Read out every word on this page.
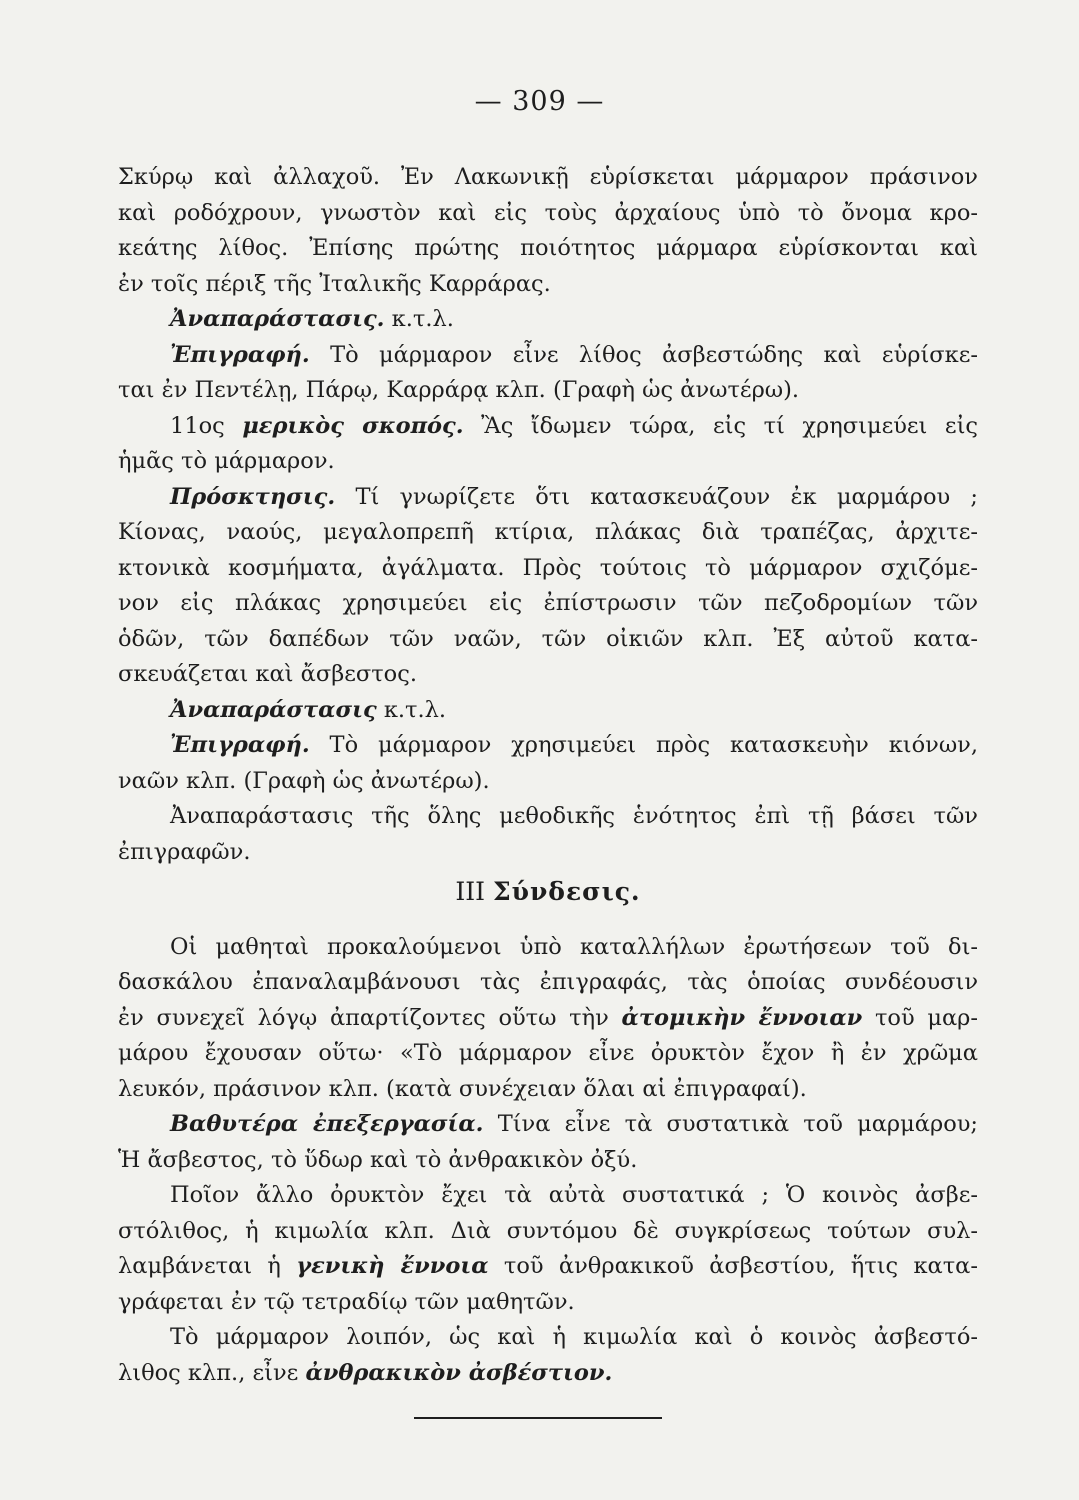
— 309 —
Σκύρῳ καὶ ἀλλαχοῦ. Ἐν Λακωνικῇ εὑρίσκεται μάρμαρον πράσινον
καὶ ροδόχρουν, γνωστὸν καὶ εἰς τοὺς ἀρχαίους ὑπὸ τὸ ὄνομα κρο-
κεάτης λίθος. Ἐπίσης πρώτης ποιότητος μάρμαρα εὑρίσκονται καὶ
ἐν τοῖς πέριξ τῆς Ἰταλικῆς Καρράρας.
Ἀναπαράστασις. κ.τ.λ.
Ἐπιγραφή. Τὸ μάρμαρον εἶνε λίθος ἀσβεστώδης καὶ εὑρίσκε-
ται ἐν Πεντέλῃ, Πάρῳ, Καρράρᾳ κλπ. (Γραφὴ ὡς ἀνωτέρω).
11ος μερικὸς σκοπός. Ἂς ἴδωμεν τώρα, εἰς τί χρησιμεύει εἰς
ἡμᾶς τὸ μάρμαρον.
Πρόσκτησις. Τί γνωρίζετε ὅτι κατασκευάζουν ἐκ μαρμάρου ;
Κίονας, ναούς, μεγαλοπρεπῆ κτίρια, πλάκας διὰ τραπέζας, ἀρχιτε-
κτονικὰ κοσμήματα, ἀγάλματα. Πρὸς τούτοις τὸ μάρμαρον σχιζόμε-
νον εἰς πλάκας χρησιμεύει εἰς ἐπίστρωσιν τῶν πεζοδρομίων τῶν
ὁδῶν, τῶν δαπέδων τῶν ναῶν, τῶν οἰκιῶν κλπ. Ἐξ αὐτοῦ κατα-
σκευάζεται καὶ ἄσβεστος.
Ἀναπαράστασις κ.τ.λ.
Ἐπιγραφή. Τὸ μάρμαρον χρησιμεύει πρὸς κατασκευὴν κιόνων,
ναῶν κλπ. (Γραφὴ ὡς ἀνωτέρω).
Ἀναπαράστασις τῆς ὅλης μεθοδικῆς ἑνότητος ἐπὶ τῇ βάσει τῶν
ἐπιγραφῶν.
III Σύνδεσις.
Οἱ μαθηταὶ προκαλούμενοι ὑπὸ καταλλήλων ἐρωτήσεων τοῦ δι-
δασκάλου ἐπαναλαμβάνουσι τὰς ἐπιγραφάς, τὰς ὁποίας συνδέουσιν
ἐν συνεχεῖ λόγῳ ἀπαρτίζοντες οὕτω τὴν ἀτομικὴν ἔννοιαν τοῦ μαρ-
μάρου ἔχουσαν οὕτω· «Τὸ μάρμαρον εἶνε ὀρυκτὸν ἔχον ἢ ἐν χρῶμα
λευκόν, πράσινον κλπ. (κατὰ συνέχειαν ὅλαι αἱ ἐπιγραφαί).
Βαθυτέρα ἐπεξεργασία. Τίνα εἶνε τὰ συστατικὰ τοῦ μαρμάρου;
Ἡ ἄσβεστος, τὸ ὕδωρ καὶ τὸ ἀνθρακικὸν ὀξύ.
Ποῖον ἄλλο ὀρυκτὸν ἔχει τὰ αὐτὰ συστατικά ; Ὁ κοινὸς ἀσβε-
στόλιθος, ἡ κιμωλία κλπ. Διὰ συντόμου δὲ συγκρίσεως τούτων συλ-
λαμβάνεται ἡ γενικὴ ἔννοια τοῦ ἀνθρακικοῦ ἀσβεστίου, ἥτις κατα-
γράφεται ἐν τῷ τετραδίῳ τῶν μαθητῶν.
Τὸ μάρμαρον λοιπόν, ὡς καὶ ἡ κιμωλία καὶ ὁ κοινὸς ἀσβεστό-
λιθος κλπ., εἶνε ἀνθρακικὸν ἀσβέστιον.
